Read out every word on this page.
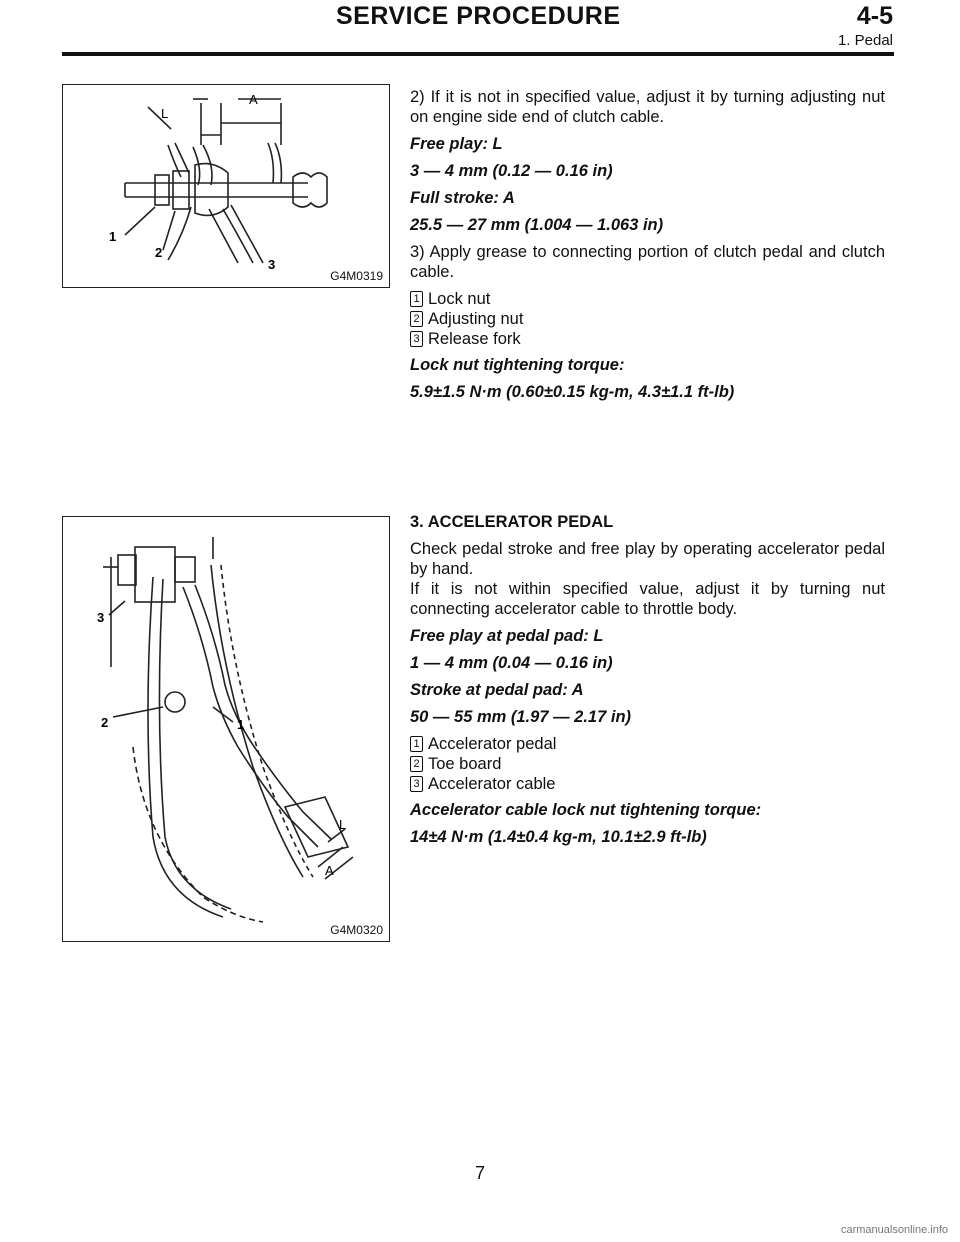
SERVICE PROCEDURE	4-5
1. Pedal
L
A
1
2
3
G4M0319

2) If it is not in specified value, adjust it by turning adjusting nut on engine side end of clutch cable.

Free play: L

3 — 4 mm (0.12 — 0.16 in)

Full stroke: A

25.5 — 27 mm (1.004 — 1.063 in)

3) Apply grease to connecting portion of clutch pedal and clutch cable.

1 Lock nut
2 Adjusting nut
3 Release fork

Lock nut tightening torque:

5.9±1.5 N·m (0.60±0.15 kg-m, 4.3±1.1 ft-lb)

3
2	1
L
A
G4M0320

3. ACCELERATOR PEDAL

Check pedal stroke and free play by operating accelerator pedal by hand.

If it is not within specified value, adjust it by turning nut connecting accelerator cable to throttle body.

Free play at pedal pad: L

1 — 4 mm (0.04 — 0.16 in)

Stroke at pedal pad: A

50 — 55 mm (1.97 — 2.17 in)

1 Accelerator pedal
2 Toe board
3 Accelerator cable

Accelerator cable lock nut tightening torque:

14±4 N·m (1.4±0.4 kg-m, 10.1±2.9 ft-lb)

7
carmanualsonline.info
